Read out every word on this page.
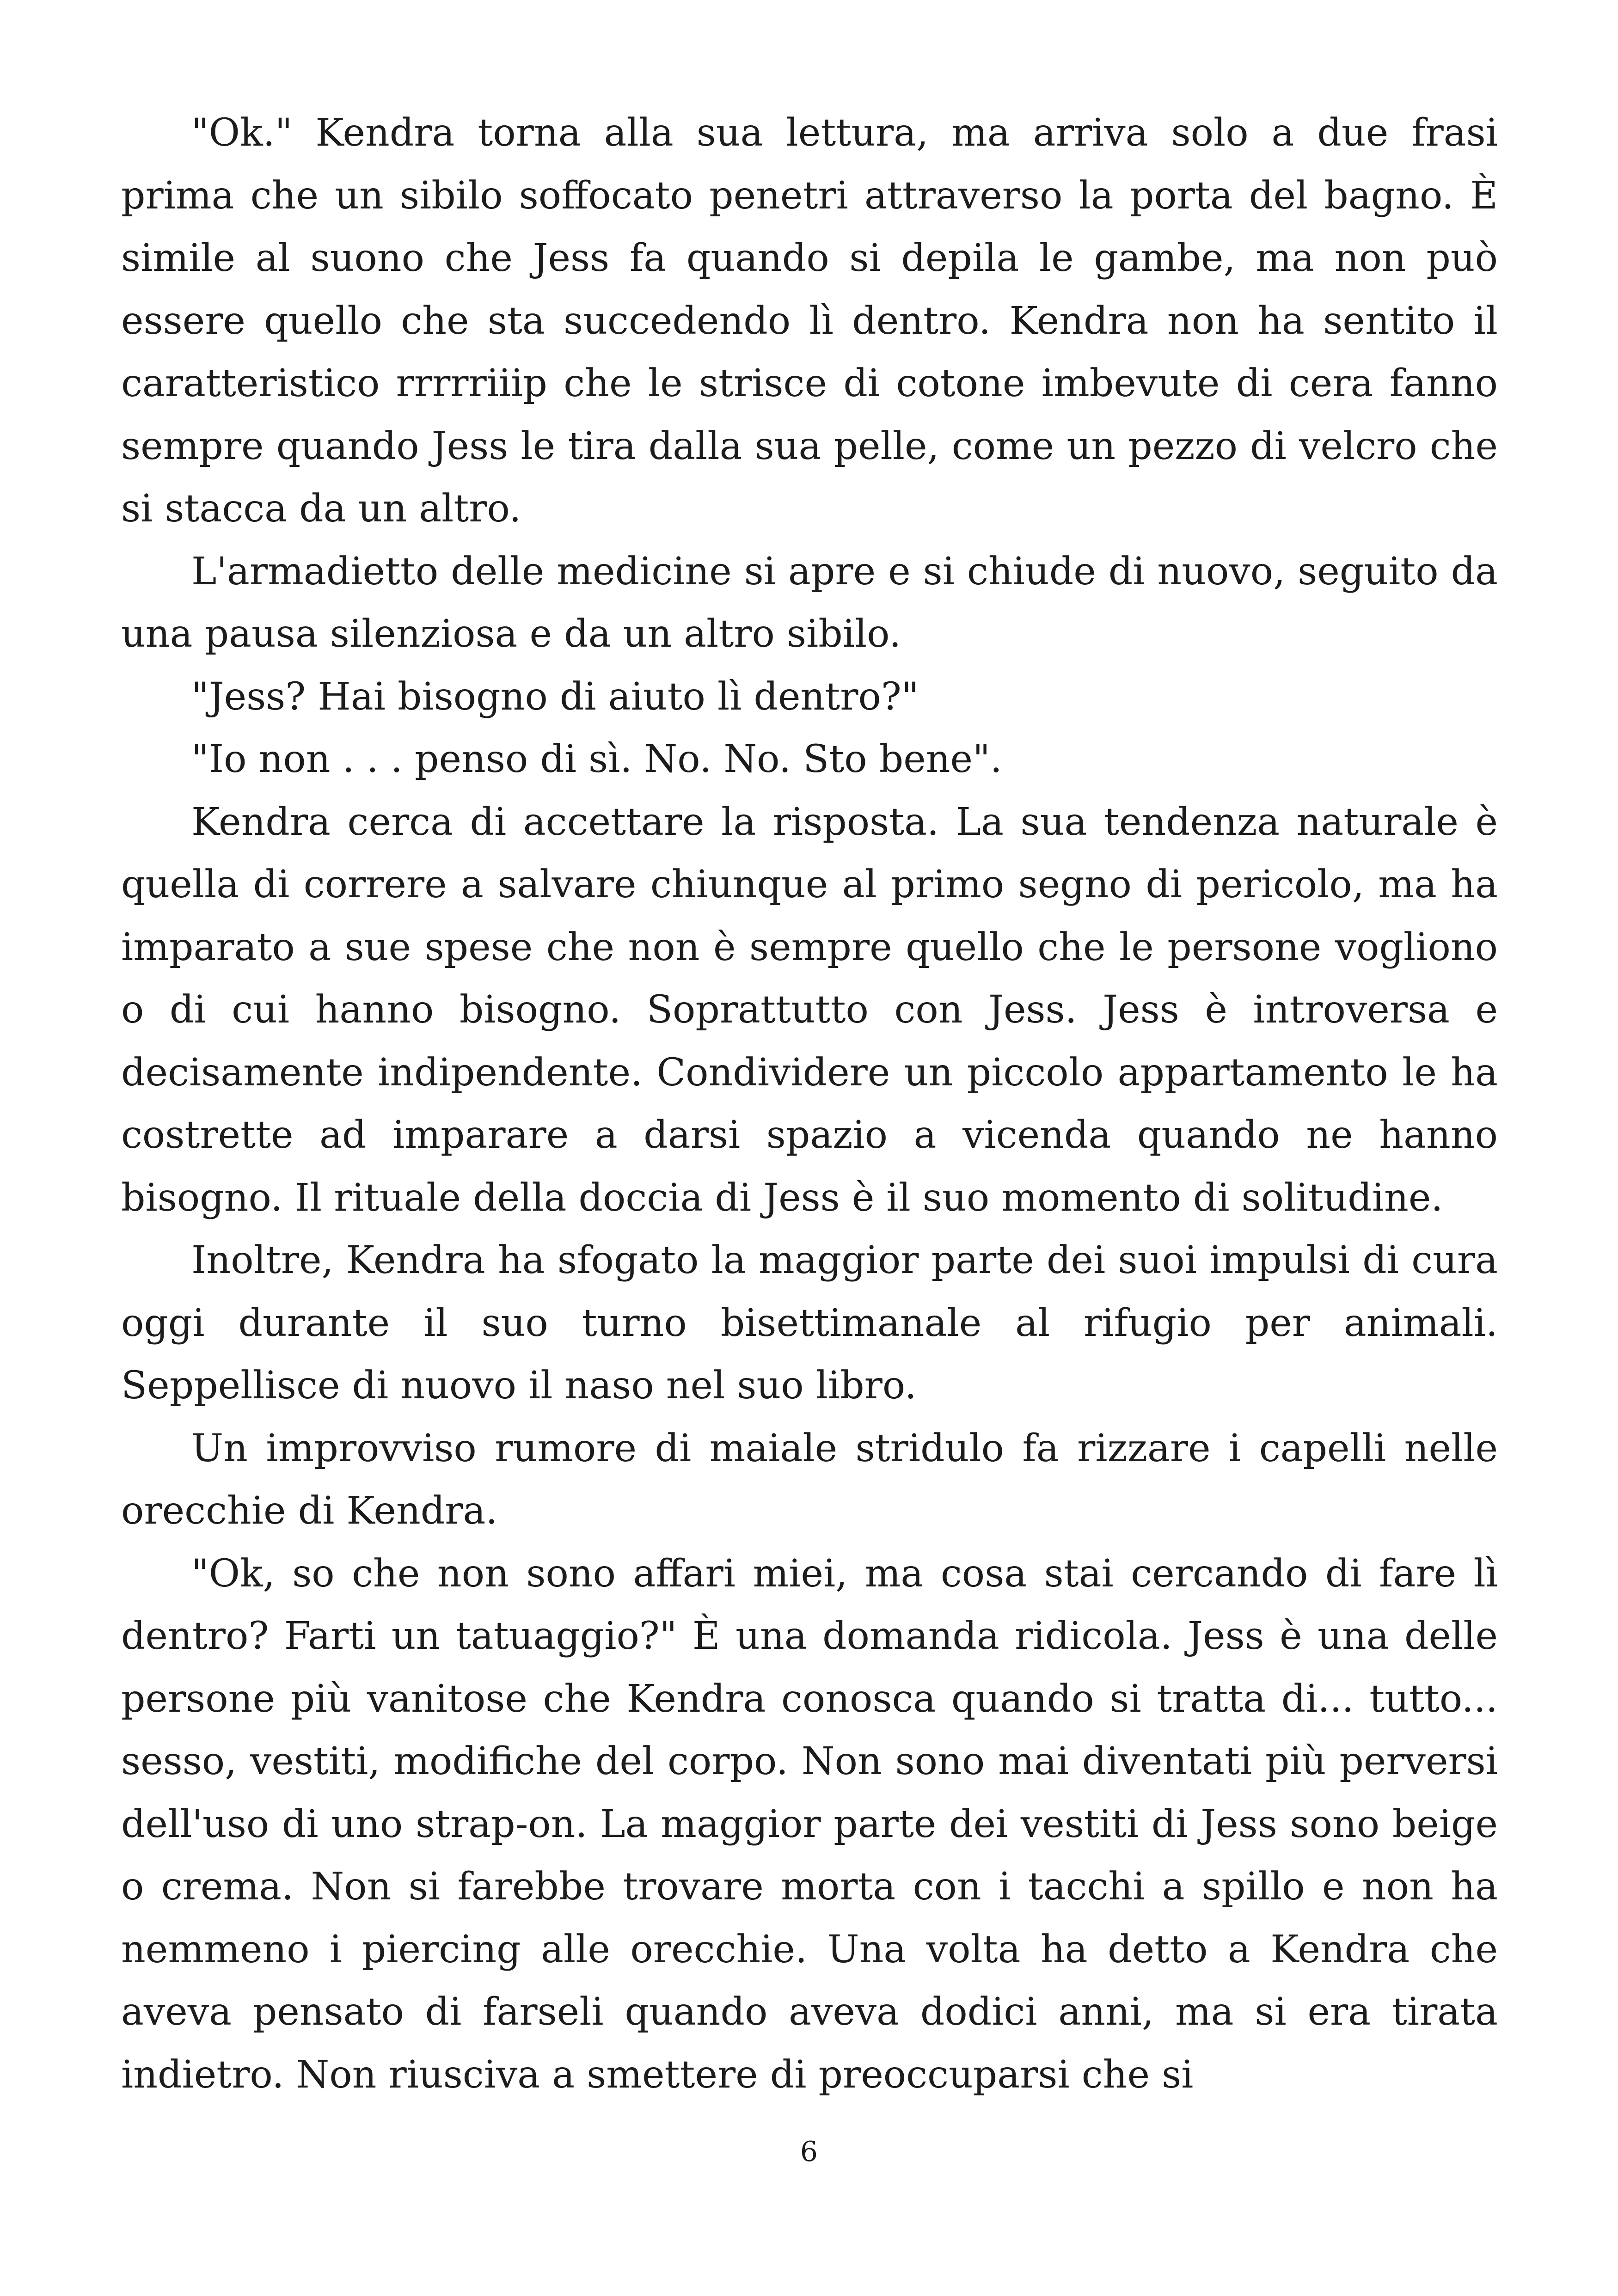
"Ok." Kendra torna alla sua lettura, ma arriva solo a due frasi prima che un sibilo soffocato penetri attraverso la porta del bagno. È simile al suono che Jess fa quando si depila le gambe, ma non può essere quello che sta succedendo lì dentro. Kendra non ha sentito il caratteristico rrrrriiip che le strisce di cotone imbevute di cera fanno sempre quando Jess le tira dalla sua pelle, come un pezzo di velcro che si stacca da un altro.

L'armadietto delle medicine si apre e si chiude di nuovo, seguito da una pausa silenziosa e da un altro sibilo.

"Jess? Hai bisogno di aiuto lì dentro?"

"Io non . . . penso di sì. No. No. Sto bene".

Kendra cerca di accettare la risposta. La sua tendenza naturale è quella di correre a salvare chiunque al primo segno di pericolo, ma ha imparato a sue spese che non è sempre quello che le persone vogliono o di cui hanno bisogno. Soprattutto con Jess. Jess è introversa e decisamente indipendente. Condividere un piccolo appartamento le ha costrette ad imparare a darsi spazio a vicenda quando ne hanno bisogno. Il rituale della doccia di Jess è il suo momento di solitudine.

Inoltre, Kendra ha sfogato la maggior parte dei suoi impulsi di cura oggi durante il suo turno bisettimanale al rifugio per animali. Seppellisce di nuovo il naso nel suo libro.

Un improvviso rumore di maiale stridulo fa rizzare i capelli nelle orecchie di Kendra.

"Ok, so che non sono affari miei, ma cosa stai cercando di fare lì dentro? Farti un tatuaggio?" È una domanda ridicola. Jess è una delle persone più vanitose che Kendra conosca quando si tratta di... tutto... sesso, vestiti, modifiche del corpo. Non sono mai diventati più perversi dell'uso di uno strap-on. La maggior parte dei vestiti di Jess sono beige o crema. Non si farebbe trovare morta con i tacchi a spillo e non ha nemmeno i piercing alle orecchie. Una volta ha detto a Kendra che aveva pensato di farseli quando aveva dodici anni, ma si era tirata indietro. Non riusciva a smettere di preoccuparsi che si

6
